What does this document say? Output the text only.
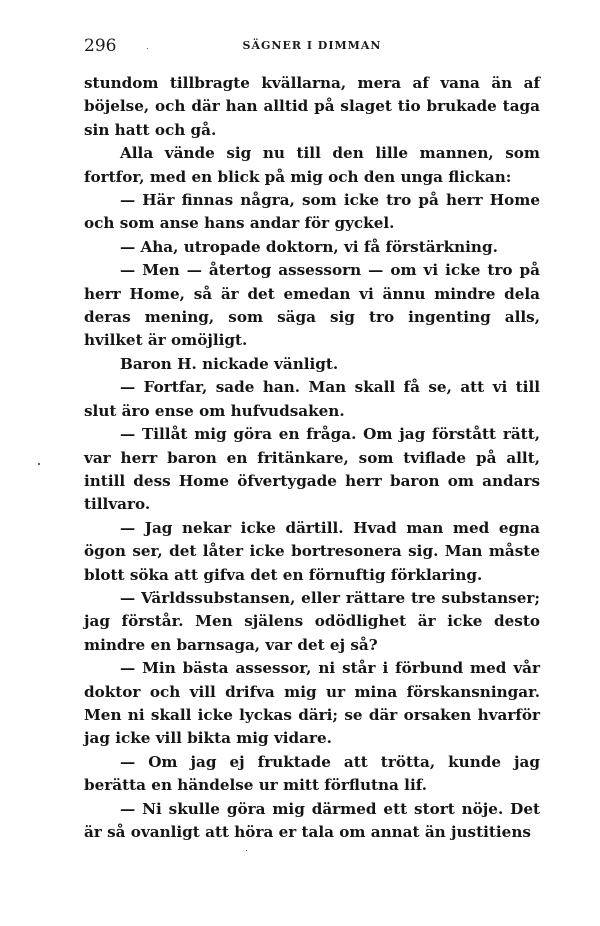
296	SÄGNER I DIMMAN

stundom tillbragte kvällarna, mera af vana än af böjelse, och där han alltid på slaget tio brukade taga sin hatt och gå.

Alla vände sig nu till den lille mannen, som fortfor, med en blick på mig och den unga flickan:

— Här finnas några, som icke tro på herr Home och som anse hans andar för gyckel.

— Aha, utropade doktorn, vi få förstärkning.

— Men — återtog assessorn — om vi icke tro på herr Home, så är det emedan vi ännu mindre dela deras mening, som säga sig tro ingenting alls, hvilket är omöjligt.

Baron H. nickade vänligt.

— Fortfar, sade han. Man skall få se, att vi till slut äro ense om hufvudsaken.

— Tillåt mig göra en fråga. Om jag förstått rätt, var herr baron en fritänkare, som tviflade på allt, intill dess Home öfvertygade herr baron om andars tillvaro.

— Jag nekar icke därtill. Hvad man med egna ögon ser, det låter icke bortresonera sig. Man måste blott söka att gifva det en förnuftig förklaring.

— Världssubstansen, eller rättare tre substanser; jag förstår. Men själens odödlighet är icke desto mindre en barnsaga, var det ej så?

— Min bästa assessor, ni står i förbund med vår doktor och vill drifva mig ur mina förskansningar. Men ni skall icke lyckas däri; se där orsaken hvarför jag icke vill bikta mig vidare.

— Om jag ej fruktade att trötta, kunde jag berätta en händelse ur mitt förflutna lif.

— Ni skulle göra mig därmed ett stort nöje. Det är så ovanligt att höra er tala om annat än justitiens
